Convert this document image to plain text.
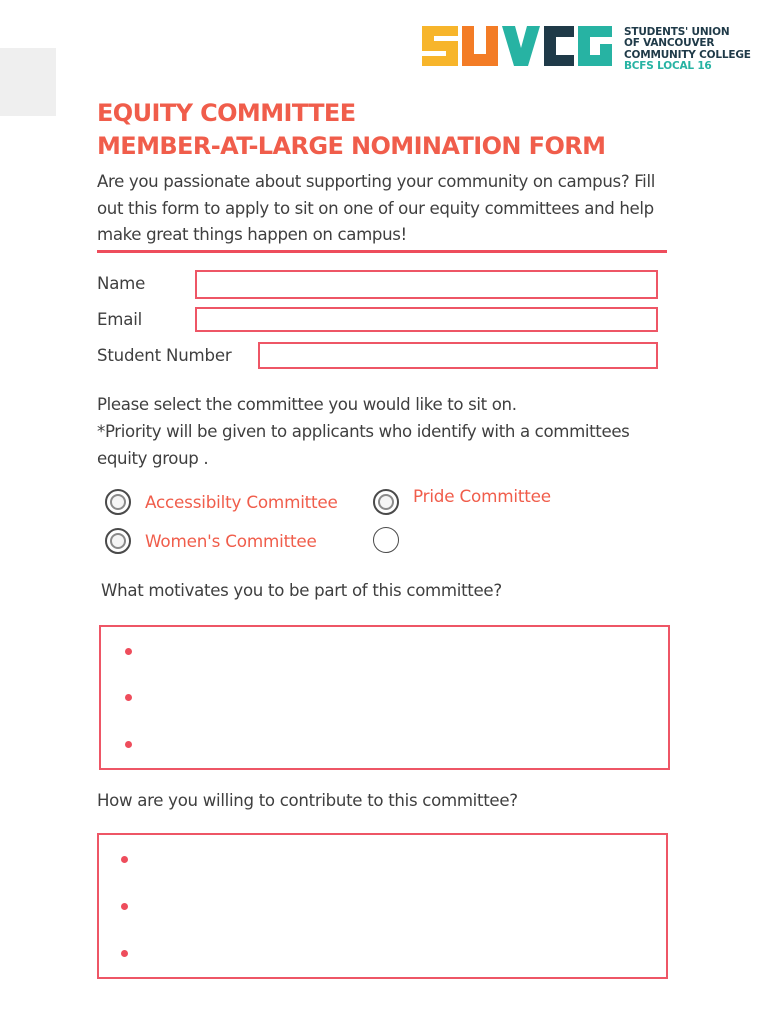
STUDENTS' UNION
OF VANCOUVER
COMMUNITY COLLEGE
BCFS LOCAL 16
EQUITY COMMITTEE
MEMBER-AT-LARGE NOMINATION FORM

Are you passionate about supporting your community on campus? Fill out this form to apply to sit on one of our equity committees and help make great things happen on campus!

Name
Email
Student Number

Please select the committee you would like to sit on.
*Priority will be given to applicants who identify with a committees equity group .

Accessibilty Committee	Pride Committee
Women's Committee
What motivates you to be part of this committee?
How are you willing to contribute to this committee?
